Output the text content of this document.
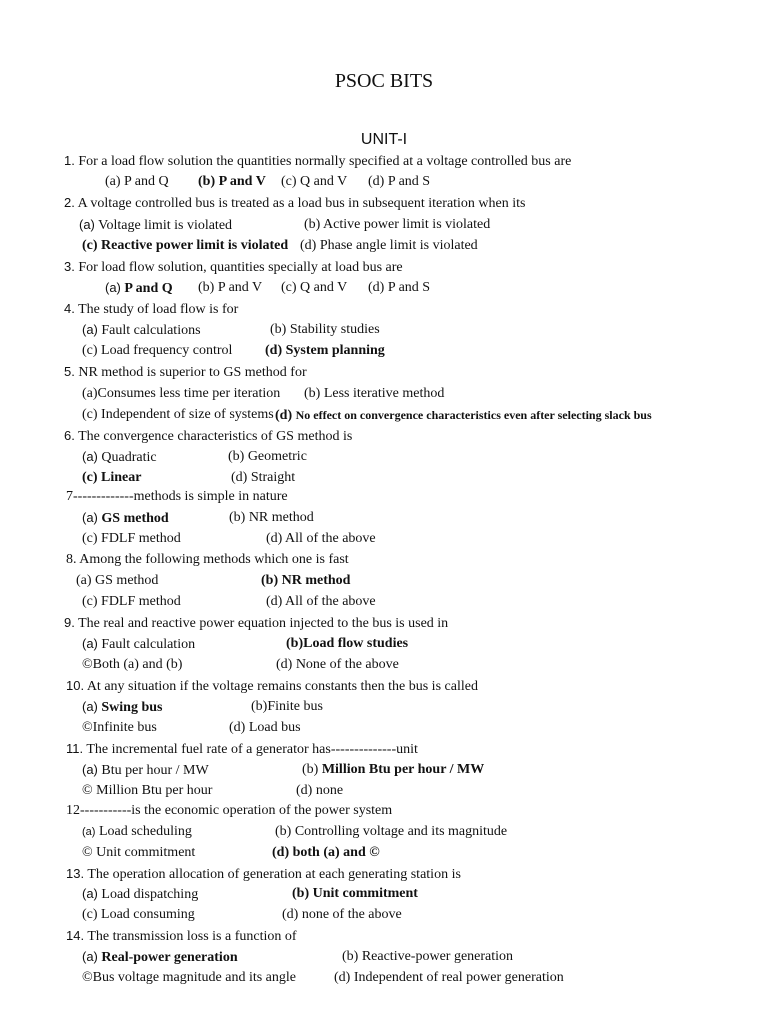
PSOC BITS
UNIT-I
1. For a load flow solution the quantities normally specified at a voltage controlled bus are
(a) P and Q (b) P and V (c) Q and V (d) P and S
2. A voltage controlled bus is treated as a load bus in subsequent iteration when its
(a) Voltage limit is violated	(b) Active power limit is violated
(c) Reactive power limit is violated (d) Phase angle limit is violated
3. For load flow solution, quantities specially at load bus are
(a) P and Q (b) P and V (c) Q and V (d) P and S
4. The study of load flow is for
(a) Fault calculations	(b) Stability studies
(c) Load frequency control (d) System planning
5. NR method is superior to GS method for
(a)Consumes less time per iteration (b) Less iterative method
(c) Independent of size of systems (d) No effect on convergence characteristics even after selecting slack bus
6. The convergence characteristics of GS method is
(a) Quadratic	(b) Geometric
(c) Linear	(d) Straight
7-------------methods is simple in nature
(a) GS method	(b) NR method
(c) FDLF method	(d) All of the above
8. Among the following methods which one is fast
(a) GS method	(b) NR method
(c) FDLF method	(d) All of the above
9. The real and reactive power equation injected to the bus is used in
(a) Fault calculation	(b)Load flow studies
©Both (a) and (b)	(d) None of the above
10. At any situation if the voltage remains constants then the bus is called
(a) Swing bus	(b)Finite bus
©Infinite bus	(d) Load bus
11. The incremental fuel rate of a generator has--------------unit
(a) Btu per hour / MW	(b) Million Btu per hour / MW
© Million Btu per hour	(d) none
12-----------is the economic operation of the power system
(a) Load scheduling	(b) Controlling voltage and its magnitude
© Unit commitment	(d) both (a) and ©
13. The operation allocation of generation at each generating station is
(a) Load dispatching	(b) Unit commitment
(c) Load consuming	(d) none of the above
14. The transmission loss is a function of
(a) Real-power generation	(b) Reactive-power generation
©Bus voltage magnitude and its angle	(d) Independent of real power generation
